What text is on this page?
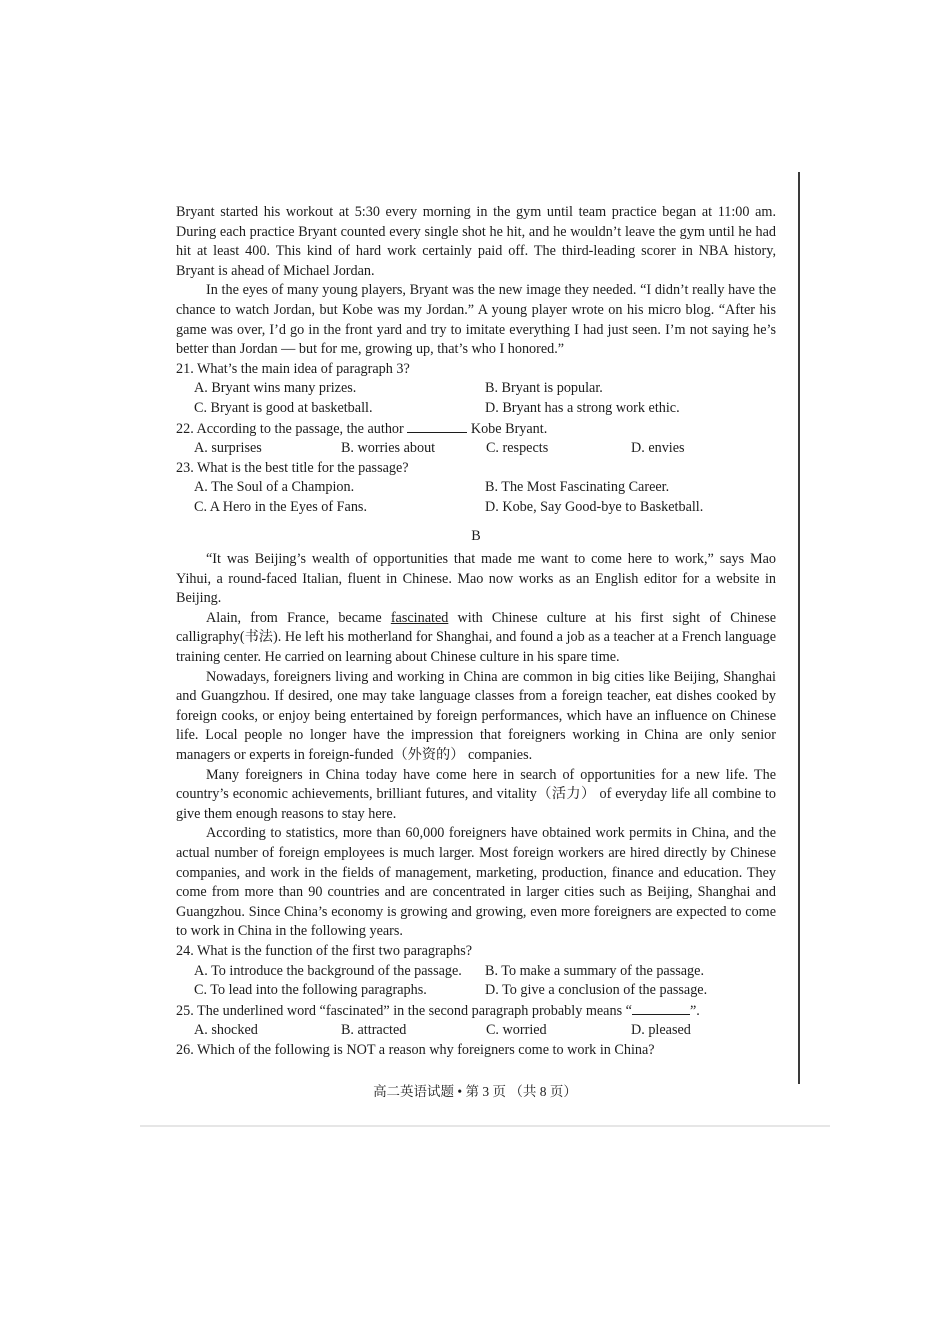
Bryant started his workout at 5:30 every morning in the gym until team practice began at 11:00 am. During each practice Bryant counted every single shot he hit, and he wouldn’t leave the gym until he had hit at least 400. This kind of hard work certainly paid off. The third-leading scorer in NBA history, Bryant is ahead of Michael Jordan.

In the eyes of many young players, Bryant was the new image they needed. “I didn’t really have the chance to watch Jordan, but Kobe was my Jordan.” A young player wrote on his micro blog. “After his game was over, I’d go in the front yard and try to imitate everything I had just seen. I’m not saying he’s better than Jordan — but for me, growing up, that’s who I honored.”

21. What’s the main idea of paragraph 3?
A. Bryant wins many prizes.	B. Bryant is popular.
C. Bryant is good at basketball.	D. Bryant has a strong work ethic.
22. According to the passage, the author	Kobe Bryant.
A. surprises	B. worries about	C. respects	D. envies
23. What is the best title for the passage?
A. The Soul of a Champion.	B. The Most Fascinating Career.
C. A Hero in the Eyes of Fans.	D. Kobe, Say Good-bye to Basketball.
B

“It was Beijing’s wealth of opportunities that made me want to come here to work,” says Mao Yihui, a round-faced Italian, fluent in Chinese. Mao now works as an English editor for a website in Beijing.

Alain, from France, became fascinated with Chinese culture at his first sight of Chinese calligraphy(书法). He left his motherland for Shanghai, and found a job as a teacher at a French language training center. He carried on learning about Chinese culture in his spare time.

Nowadays, foreigners living and working in China are common in big cities like Beijing, Shanghai and Guangzhou. If desired, one may take language classes from a foreign teacher, eat dishes cooked by foreign cooks, or enjoy being entertained by foreign performances, which have an influence on Chinese life. Local people no longer have the impression that foreigners working in China are only senior managers or experts in foreign-funded（外资的） companies.

Many foreigners in China today have come here in search of opportunities for a new life. The country’s economic achievements, brilliant futures, and vitality（活力） of everyday life all combine to give them enough reasons to stay here.

According to statistics, more than 60,000 foreigners have obtained work permits in China, and the actual number of foreign employees is much larger. Most foreign workers are hired directly by Chinese companies, and work in the fields of management, marketing, production, finance and education. They come from more than 90 countries and are concentrated in larger cities such as Beijing, Shanghai and Guangzhou. Since China’s economy is growing and growing, even more foreigners are expected to come to work in China in the following years.

24. What is the function of the first two paragraphs?
A. To introduce the background of the passage.	B. To make a summary of the passage.
C. To lead into the following paragraphs.	D. To give a conclusion of the passage.
25. The underlined word “fascinated” in the second paragraph probably means “	”.
A. shocked	B. attracted	C. worried	D. pleased
26. Which of the following is NOT a reason why foreigners come to work in China?
高二英语试题 • 第 3 页 （共 8 页）
